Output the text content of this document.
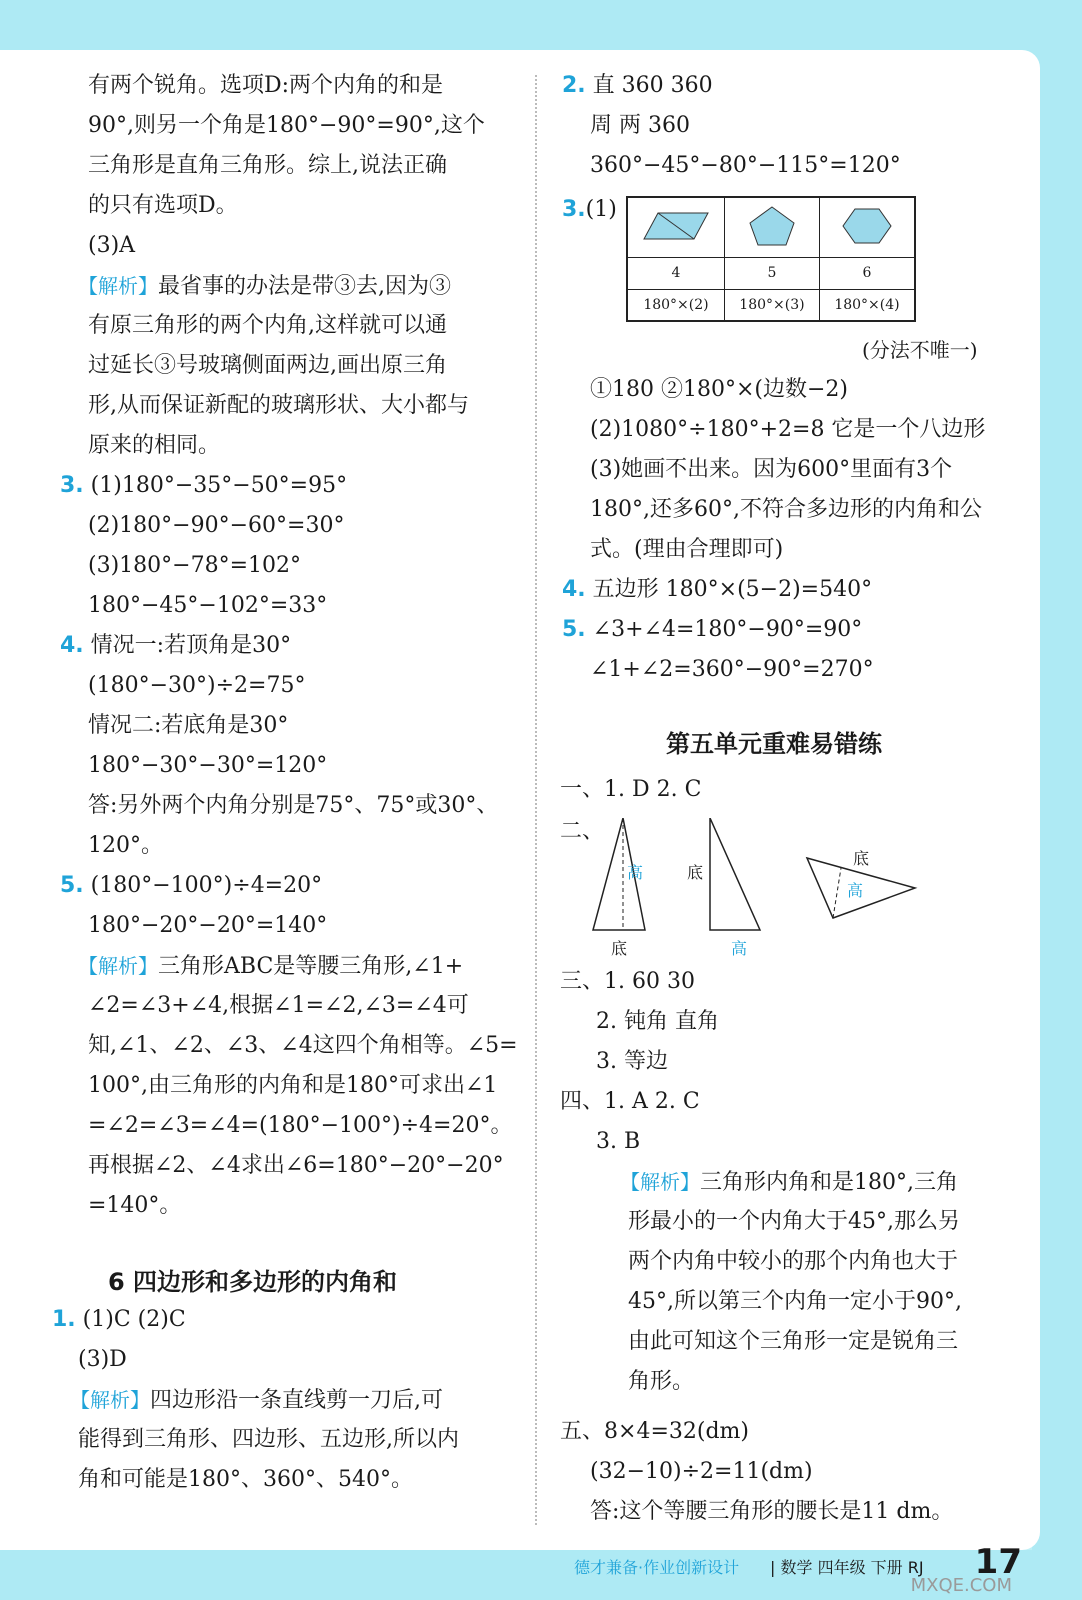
有两个锐角。选项D:两个内角的和是
90°,则另一个角是180°−90°=90°,这个
三角形是直角三角形。综上,说法正确
的只有选项D。
(3)A
【解析】最省事的办法是带③去,因为③
有原三角形的两个内角,这样就可以通
过延长③号玻璃侧面两边,画出原三角
形,从而保证新配的玻璃形状、大小都与
原来的相同。
3. (1)180°−35°−50°=95°
(2)180°−90°−60°=30°
(3)180°−78°=102°
180°−45°−102°=33°
4. 情况一:若顶角是30°
(180°−30°)÷2=75°
情况二:若底角是30°
180°−30°−30°=120°
答:另外两个内角分别是75°、75°或30°、
120°。
5. (180°−100°)÷4=20°
180°−20°−20°=140°
【解析】三角形ABC是等腰三角形,∠1+
∠2=∠3+∠4,根据∠1=∠2,∠3=∠4可
知,∠1、∠2、∠3、∠4这四个角相等。∠5=
100°,由三角形的内角和是180°可求出∠1
=∠2=∠3=∠4=(180°−100°)÷4=20°。
再根据∠2、∠4求出∠6=180°−20°−20°
=140°。
6 四边形和多边形的内角和
1. (1)C (2)C
(3)D
【解析】四边形沿一条直线剪一刀后,可
能得到三角形、四边形、五边形,所以内
角和可能是180°、360°、540°。
2. 直 360 360
周 两 360
360°−45°−80°−115°=120°
3.(1)

4	5	6
180°×(2)	180°×(3)	180°×(4)
(分法不唯一)
①180 ②180°×(边数−2)
(2)1080°÷180°+2=8 它是一个八边形
(3)她画不出来。因为600°里面有3个
180°,还多60°,不符合多边形的内角和公
式。(理由合理即可)
4. 五边形 180°×(5−2)=540°
5. ∠3+∠4=180°−90°=90°
∠1+∠2=360°−90°=270°
第五单元重难易错练
一、1. D 2. C
二、
高
底
底
高
底
高
三、1. 60 30
2. 钝角 直角
3. 等边
四、1. A 2. C
3. B
【解析】三角形内角和是180°,三角
形最小的一个内角大于45°,那么另
两个内角中较小的那个内角也大于
45°,所以第三个内角一定小于90°,
由此可知这个三角形一定是锐角三
角形。
五、8×4=32(dm)
(32−10)÷2=11(dm)
答:这个等腰三角形的腰长是11 dm。
德才兼备·作业创新设计 | 数学 四年级 下册 RJ 17
MXQE.COM
